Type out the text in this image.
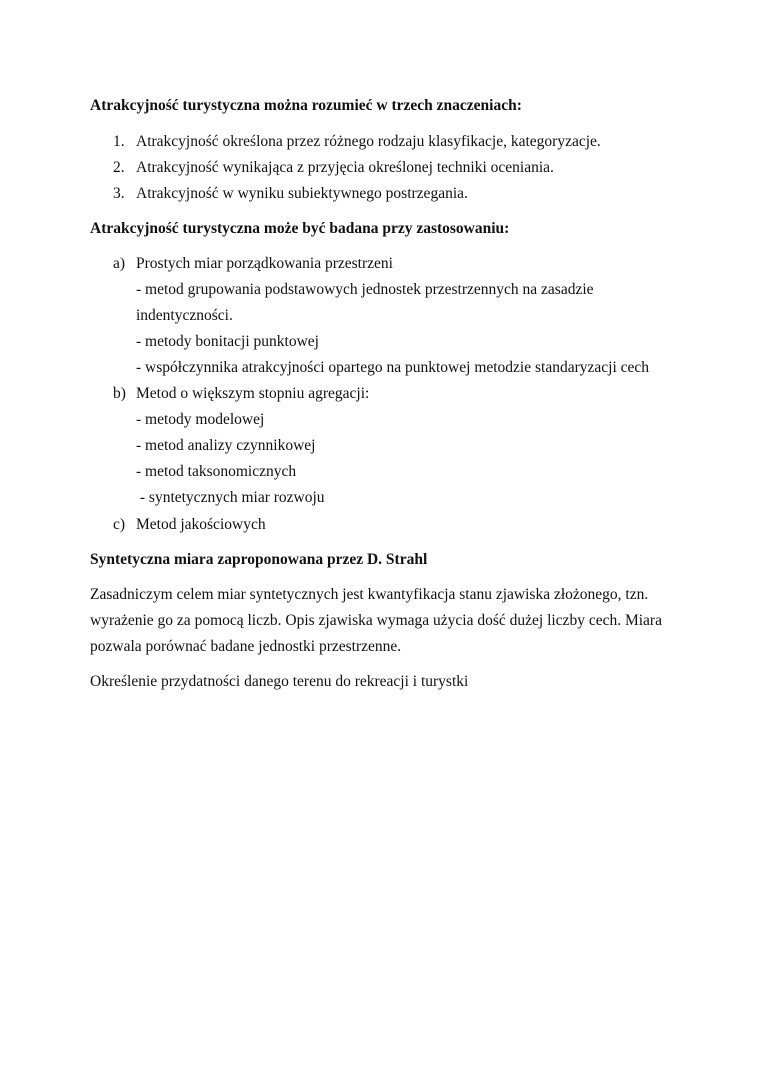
Atrakcyjność turystyczna można rozumieć w trzech znaczeniach:
1. Atrakcyjność określona przez różnego rodzaju klasyfikacje, kategoryzacje.
2. Atrakcyjność wynikająca z przyjęcia określonej techniki oceniania.
3. Atrakcyjność w wyniku subiektywnego postrzegania.
Atrakcyjność turystyczna może być badana przy zastosowaniu:
a) Prostych miar porządkowania przestrzeni
- metod grupowania podstawowych jednostek przestrzennych na zasadzie
indentyczności.
- metody bonitacji punktowej
- współczynnika atrakcyjności opartego na punktowej metodzie standaryzacji cech
b) Metod o większym stopniu agregacji:
- metody modelowej
- metod analizy czynnikowej
- metod taksonomicznych
- syntetycznych miar rozwoju
c) Metod jakościowych
Syntetyczna miara zaproponowana przez D. Strahl
Zasadniczym celem miar syntetycznych jest kwantyfikacja stanu zjawiska złożonego, tzn.
wyrażenie go za pomocą liczb. Opis zjawiska wymaga użycia dość dużej liczby cech. Miara
pozwala porównać badane jednostki przestrzenne.
Określenie przydatności danego terenu do rekreacji i turystki
